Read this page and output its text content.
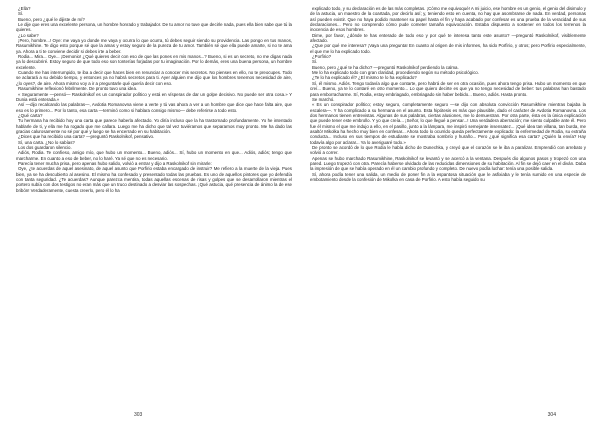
¿Ella?

Sí.

Bueno, pero ¿qué le dijiste de mí?

Le dije que eres una excelente persona, un hombre honrado y trabajador. De tu amor no tuve que decirle nada, pues ella bien sabe que tú la quieres.

¿Lo sabe?

¡Pero, hombre...! Oye: me vaya yo donde me vaya y ocurra lo que ocurra, tú debes seguir siendo su providencia. Las pongo en tus manos, Rasumikhine. Te digo esto porque sé que la amas y estoy seguro de la pureza de tu amor. También sé que ella puede amarte, si no te ama ya. Ahora a ti te conviene decidir si debes irte a beber.

Rodia... Mira... Oye... ¡Demonio! ¿Qué quieres decir con eso de que las pones en mis manos...? Bueno, si es un secreto, no me digas nada ya lo descubriré. Estoy seguro de que todo eso son tonterías forjadas por tu imaginación. Por lo demás, eres una buena persona, un hombre excelente.

Cuando me has interrumpido, te iba a decir que haces bien en renunciar a conocer mis secretos. No pienses en ello, no te preocupes. Todo se aclarará a su debido tiempo, y entonces ya no habrá secretos para ti. Ayer alguien me dijo que los hombres tenemos necesidad de aire, ¿lo oyes?, de aire. Ahora mismo voy a ir a preguntarle qué quería decir con eso.

Rasumikhine reflexionó febrilmente. De pronto tuvo una idea.

« Seguramente —pensó— Raskolnikof es un conspirador político y está en vísperas de dar un golpe decisivo. No puede ser otra cosa.» Y Dunia está enterada.»

Así —dijo recalcando las palabras—, Avdotia Romanovna viene a verte y tú vas ahora a ver a un hombre que dice que hace falta aire, que eso es lo primero... Por lo tanto, esa carta —terminó como si hablara consigo mismo— debe referirse a todo esto.

¿Qué carta?

Tu hermana ha recibido hoy una carta que parece haberla afectado. Yo diría incluso que la ha trastornado profundamente. Yo he intentado hablarle de ti, y ella me ha rogado que me callara. Luego me ha dicho que tal vez tuviéramos que separarnos muy pronto. Me ha dado las gracias calurosamente no sé por qué y luego se ha encerrado en su habitación.

¿Dices que ha recibido una carta? —preguntó Raskolnikof, pensativo.

Sí, una carta. ¿No lo sabías?

Los dos guardaron silencio.

Adiós, Rodia. Te confieso, amigo mío, que hubo un momento... Bueno, adiós... Sí, hubo un momento en que... Adiós, adiós; tengo que marcharme. En cuanto a eso de beber, no lo haré. Ya sé que no es necesario.

Parecía tener mucha prisa, pero apenas hubo salido, volvió a entrar y dijo a Raskolnikof sin mirarle:

Oye, ¿te acuerdas de aquel asesinato, de aquel asunto que Porfirio estaba encargado de instruir? Me refiero a la muerte de la vieja. Pues bien, ya se ha descubierto al asesino. El mismo ha confesado y presentado todas las pruebas. Es uno de aquellos pintores que yo defendía con tanta seguridad. ¿Te acuerdas? Aunque parezca mentira, todas aquellas escenas de risas y golpes que se desarrollaron mientras el portero subía con dos testigos no eran más que un truco destinado a desviar las sospechas. ¡Qué astucia, qué presencia de ánimo la de ese bribón! Verdaderamente, cuesta creerlo, pero él lo ha

303

explicado todo, y su declaración es de las más completas. ¡Cómo me equivoqué! A mi juicio, ese hombre es un genio, el genio del disimulo y de la astucia, un maestro de la coartada, por decirlo así; y, teniendo esto en cuenta, no hay que asombrarse de nada. En verdad, personas así pueden existir. Que no haya podido mantener su papel hasta el fin y haya acabado por confesar es una prueba de la veracidad de sus declaraciones... Pero no comprendo cómo pude cometer tamaña equivocación. Estaba dispuesto a sostener en todos los terrenos la inocencia de esos hombres.

Dime, por favor, ¿dónde te has enterado de todo eso y por qué te interesa tanto este asunto? —preguntó Raskolnikof, visiblemente afectado.

¿Que por qué me interesa? ¡Vaya una pregunta! En cuanto al origen de mis informes, ha sido Porfirio, y otros; pero Porfirio especialmente, el que me lo ha explicado todo.

¿Porfirio?

Sí.

Bueno, pero ¿qué te ha dicho? —preguntó Raskolnikof perdiendo la calma.

Me lo ha explicado todo con gran claridad, procediendo según su método psicológico.

¿Te lo ha explicado él? ¿El mismo te lo ha explicado?

Sí, él mismo. Adiós. Tengo todavía algo que contarte, pero habrá de ser en otra ocasión, pues ahora tengo prisa. Hubo un momento en que creí... Bueno, ya te lo contaré en otro momento... Lo que quiero decirte es que ya no tengo necesidad de beber: tus palabras han bastado para emborracharme. Sí, Rodia, estoy embriagado, embriagado sin haber bebido... Bueno, adiós. Hasta pronto.

Se marchó.

« Es un conspirador político; estoy seguro, completamente seguro —se dijo con absoluta convicción Rasumikhine mientras bajaba la escalera—. Y ha complicado a su hermana en el asunto. Esta hipótesis es más que plausible, dado el carácter de Avdotia Romanovna. Los dos hermanos tienen entrevistas. Algunas de sus palabras, ciertas alusiones, me lo demuestran. Por otra parte, ésta es la única explicación que puede tener este embrollo. Y yo que creía... ¡Señor, lo que llegué a pensar...! Una verdadera aberración; me siento culpable ante él. Pero fue él mismo el que me indujo a ello, en el pasillo, junto a la lámpara, me inspiró semejante insensatez... ¡Qué idea tan villana, tan burda, me asaltó! Mikolka ha hecho muy bien en confesar... Ahora todo lo ocurrido queda perfectamente explicado: la enfermedad de Rodia, su extraña conducta... Incluso en sus tiempos de estudiante se mostraba sombrío y huraño... Pero ¿qué significa esa carta? ¿Quién la envía? Hay todavía algo por aclarar... Ya lo averiguaré todo.»

De pronto se acordó de lo que Rodia le había dicho de Dunechka, y creyó que el corazón se le iba a paralizar. Emprendió con arrebato y volvió a correr.

Apenas se hubo marchado Rasumikhine, Raskolnikof se levantó y se acercó a la ventana. Después dio algunos pasos y tropezó con una pared. Luego tropezó con otra. Parecía haberse olvidado de las reducidas dimensiones de su habitación. Al fin se dejó caer en el diván. Daba la impresión de que se había operado en él un cambio profundo y completo. De nuevo podía luchar: tenía una posible salida.

Sí, ahora podía tener una salida, un medio de poner fin a la espantosa situación que le asfixiaba y le tenía sumido en una especie de embotamiento desde la confesión de Mikolka en casa de Porfirio. A esto había seguido su

304
